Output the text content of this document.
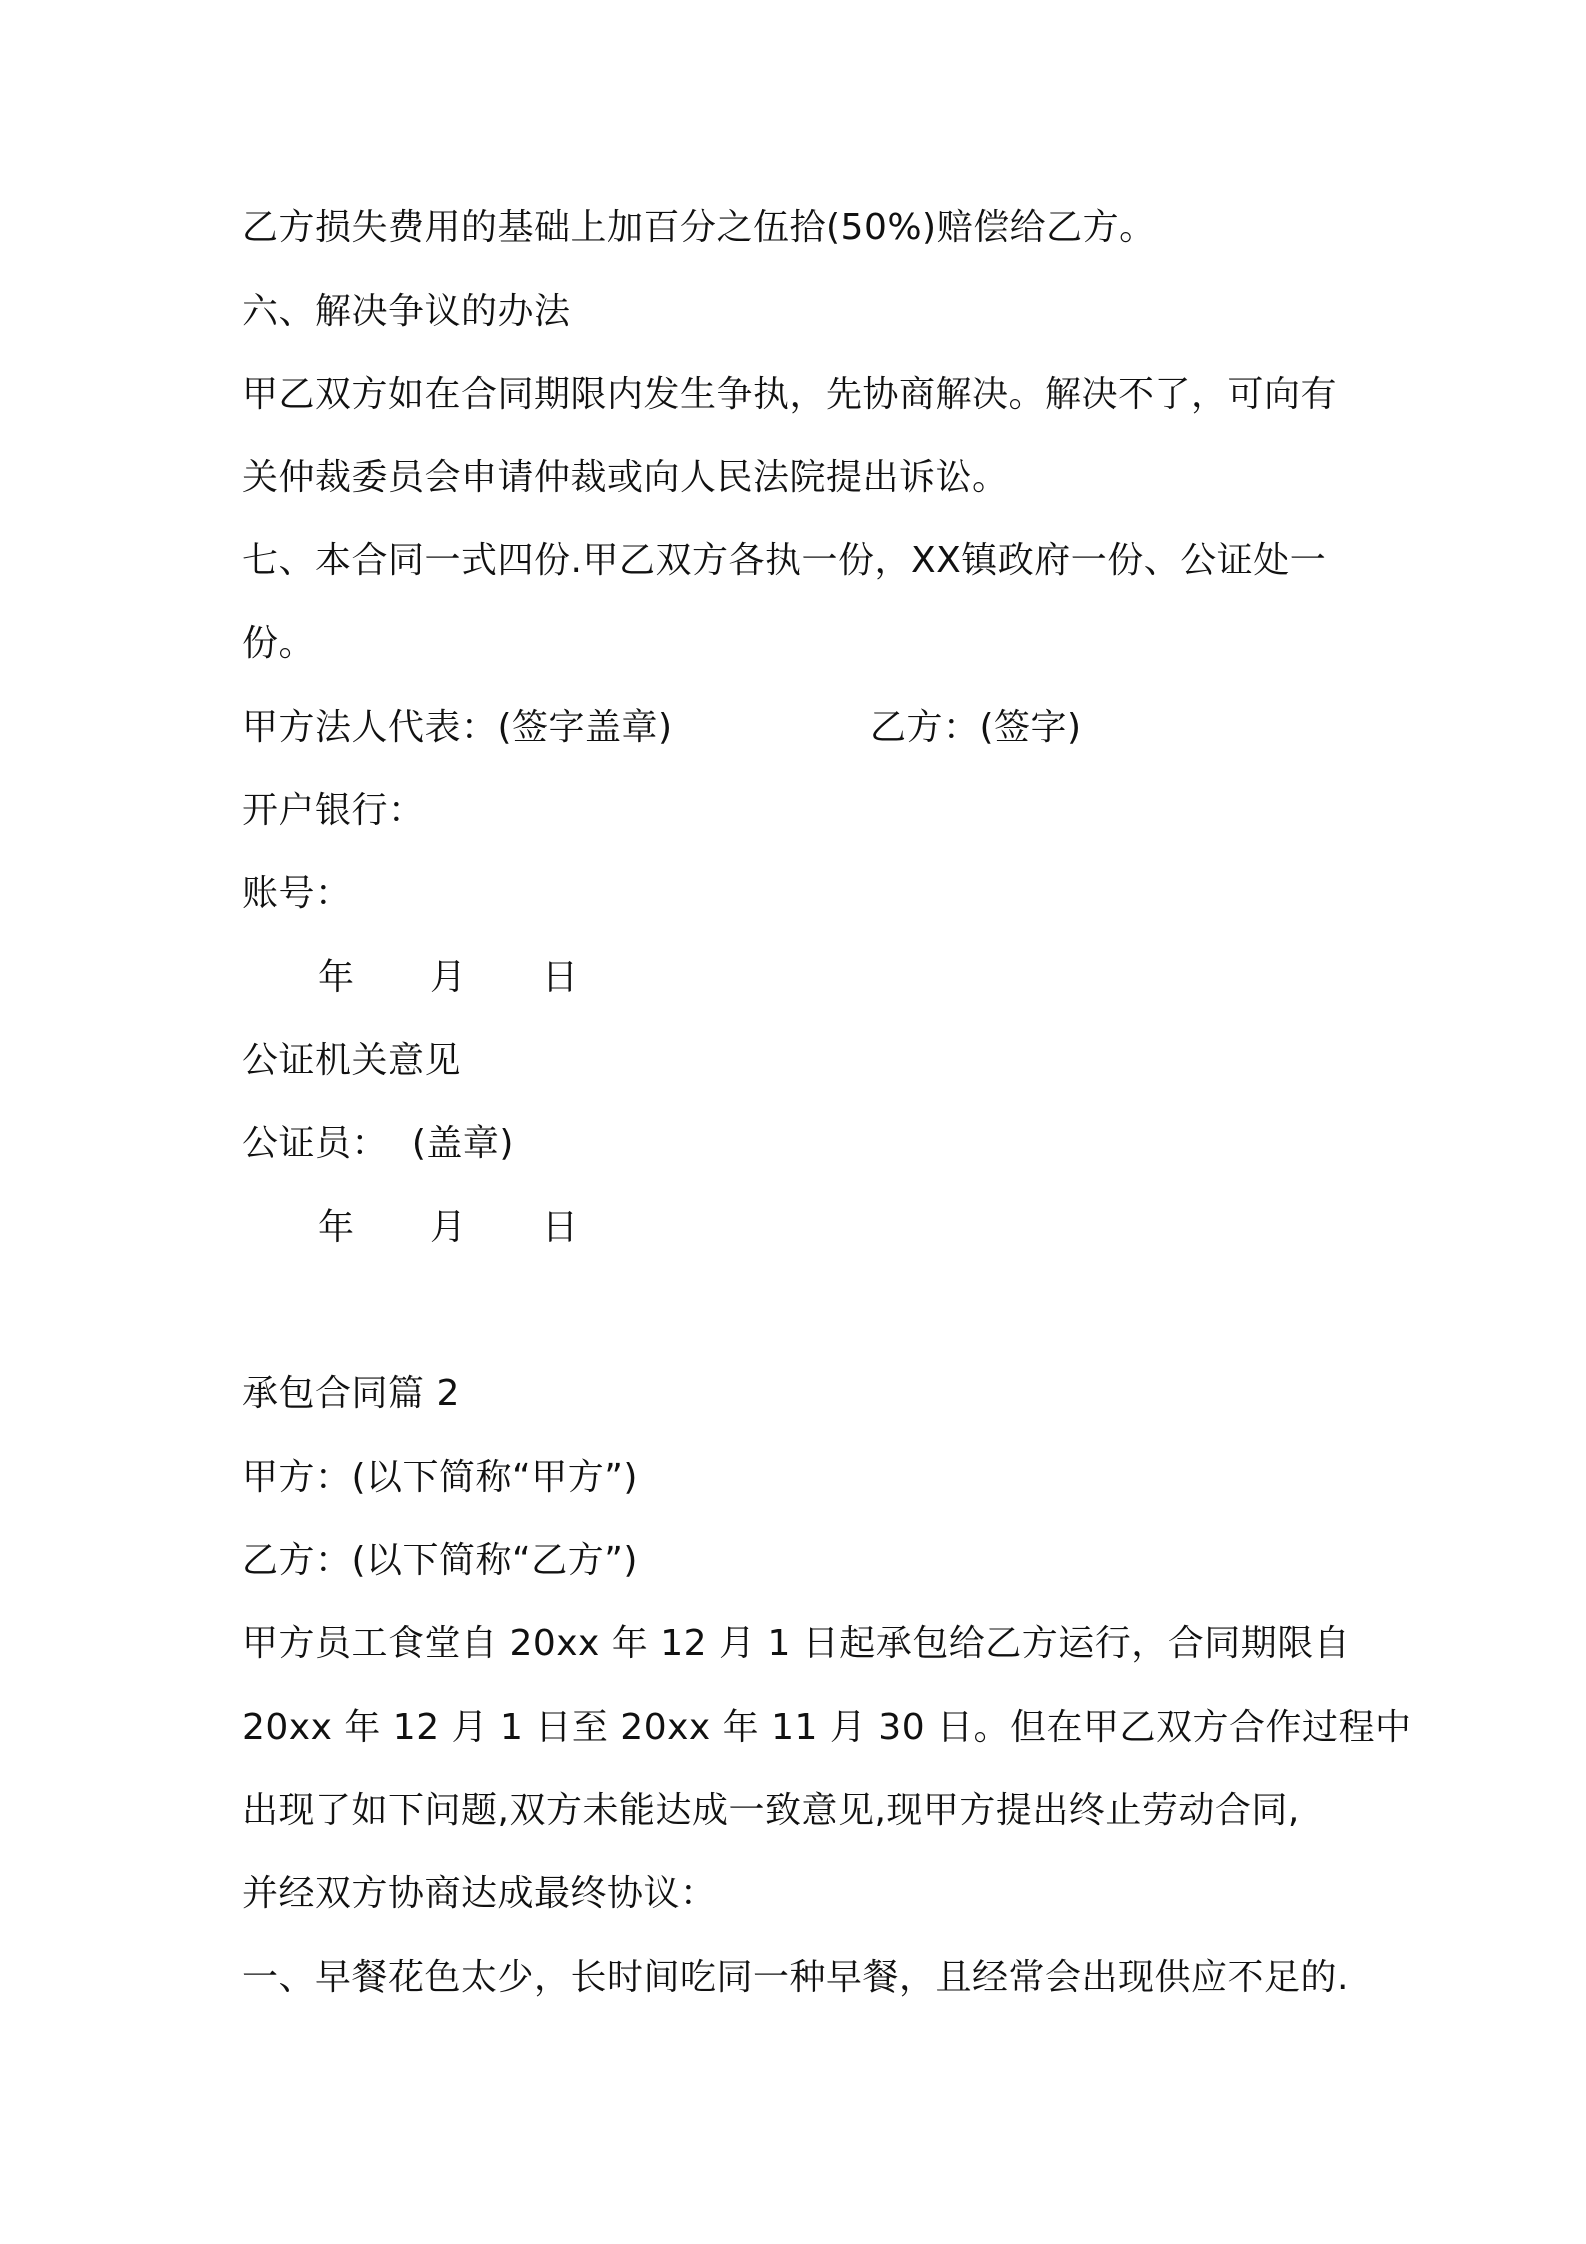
乙方损失费用的基础上加百分之伍拾(50%)赔偿给乙方。
六、解决争议的办法
甲乙双方如在合同期限内发生争执，先协商解决。解决不了，可向有
关仲裁委员会申请仲裁或向人民法院提出诉讼。
七、本合同一式四份.甲乙双方各执一份，XX镇政府一份、公证处一
份。
甲方法人代表：(签字盖章)	乙方：(签字)
开户银行：
账号：
年 月 日
公证机关意见
公证员：  (盖章)
年 月 日
承包合同篇 2
甲方：(以下简称“甲方”)
乙方：(以下简称“乙方”)
甲方员工食堂自 20xx 年 12 月 1 日起承包给乙方运行，合同期限自
20xx 年 12 月 1 日至 20xx 年 11 月 30 日。但在甲乙双方合作过程中
出现了如下问题,双方未能达成一致意见,现甲方提出终止劳动合同,
并经双方协商达成最终协议：
一、早餐花色太少，长时间吃同一种早餐，且经常会出现供应不足的.
